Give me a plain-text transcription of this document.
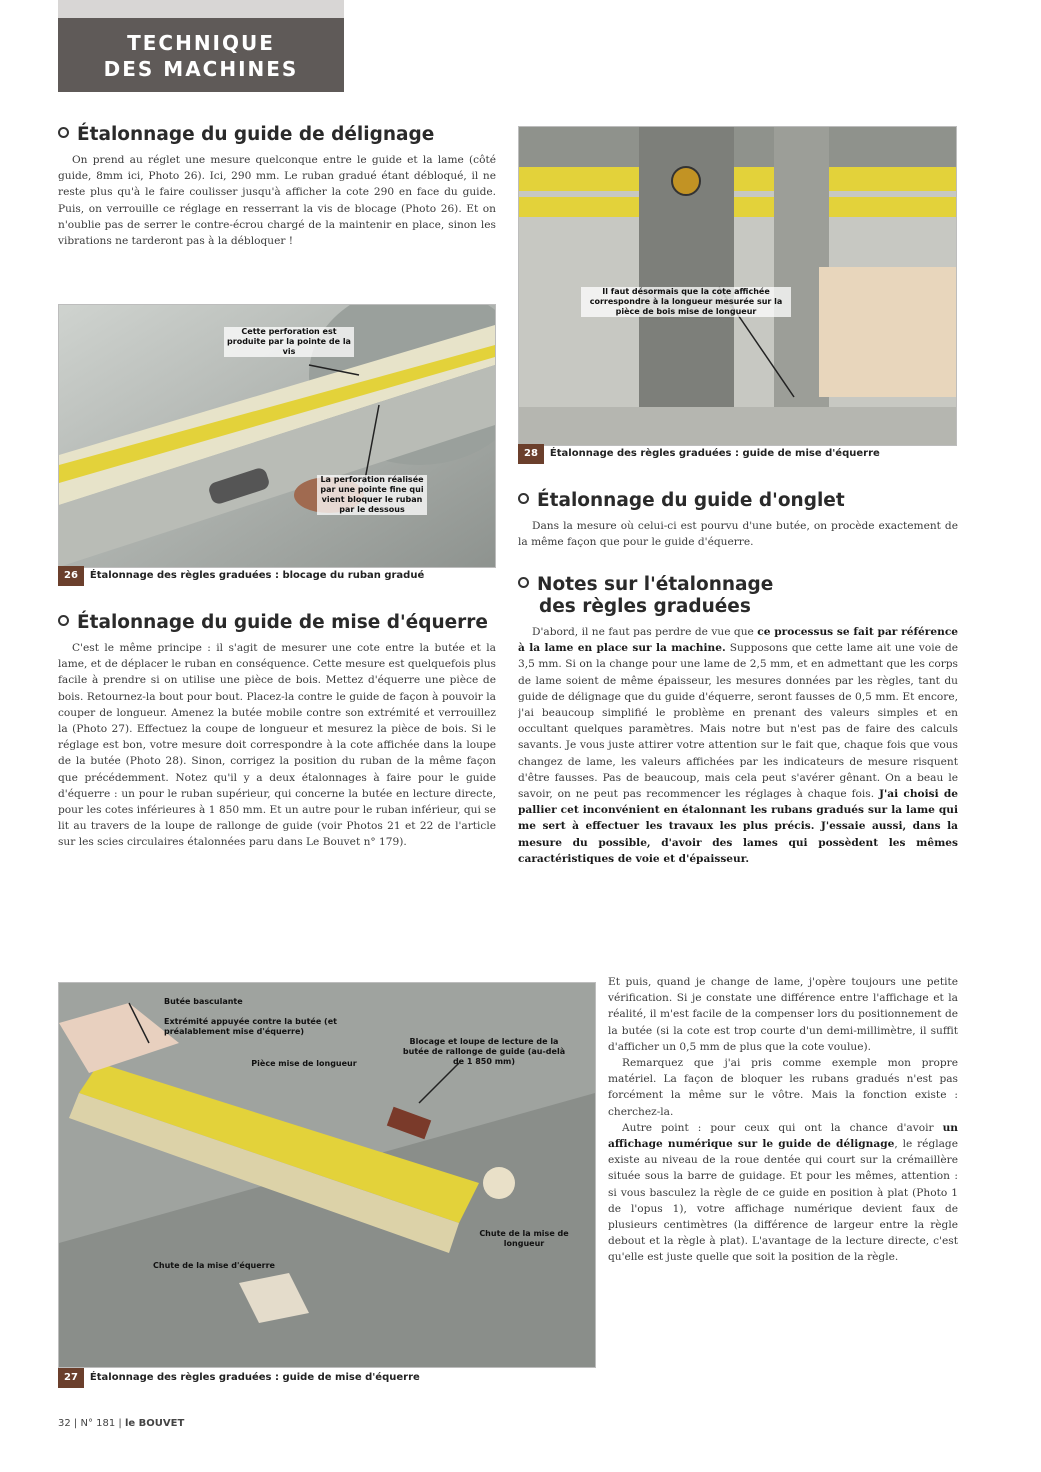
TECHNIQUE
DES MACHINES
Étalonnage du guide de délignage

On prend au réglet une mesure quelconque entre le guide et la lame (côté guide, 8mm ici, Photo 26). Ici, 290 mm. Le ruban gradué étant débloqué, il ne reste plus qu'à le faire coulisser jusqu'à afficher la cote 290 en face du guide. Puis, on verrouille ce réglage en resserrant la vis de blocage (Photo 26). Et on n'oublie pas de serrer le contre-écrou chargé de la maintenir en place, sinon les vibrations ne tarderont pas à la débloquer !

Cette perforation est produite par la pointe de la vis
La perforation réalisée par une pointe fine qui vient bloquer le ruban par le dessous
26 Étalonnage des règles graduées : blocage du ruban gradué
Étalonnage du guide de mise d'équerre

C'est le même principe : il s'agit de mesurer une cote entre la butée et la lame, et de déplacer le ruban en conséquence. Cette mesure est quelquefois plus facile à prendre si on utilise une pièce de bois. Mettez d'équerre une pièce de bois. Retournez-la bout pour bout. Placez-la contre le guide de façon à pouvoir la couper de longueur. Amenez la butée mobile contre son extrémité et verrouillez la (Photo 27). Effectuez la coupe de longueur et mesurez la pièce de bois. Si le réglage est bon, votre mesure doit correspondre à la cote affichée dans la loupe de la butée (Photo 28). Sinon, corrigez la position du ruban de la même façon que précédemment. Notez qu'il y a deux étalonnages à faire pour le guide d'équerre : un pour le ruban supérieur, qui concerne la butée en lecture directe, pour les cotes inférieures à 1 850 mm. Et un autre pour le ruban inférieur, qui se lit au travers de la loupe de rallonge de guide (voir Photos 21 et 22 de l'article sur les scies circulaires étalonnées paru dans Le Bouvet n° 179).

Il faut désormais que la cote affichée correspondre à la longueur mesurée sur la pièce de bois mise de longueur
28 Étalonnage des règles graduées : guide de mise d'équerre
Étalonnage du guide d'onglet

Dans la mesure où celui-ci est pourvu d'une butée, on procède exactement de la même façon que pour le guide d'équerre.

Notes sur l'étalonnage
des règles graduées

D'abord, il ne faut pas perdre de vue que ce processus se fait par référence à la lame en place sur la machine. Supposons que cette lame ait une voie de 3,5 mm. Si on la change pour une lame de 2,5 mm, et en admettant que les corps de lame soient de même épaisseur, les mesures données par les règles, tant du guide de délignage que du guide d'équerre, seront fausses de 0,5 mm. Et encore, j'ai beaucoup simplifié le problème en prenant des valeurs simples et en occultant quelques paramètres. Mais notre but n'est pas de faire des calculs savants. Je vous juste attirer votre attention sur le fait que, chaque fois que vous changez de lame, les valeurs affichées par les indicateurs de mesure risquent d'être fausses. Pas de beaucoup, mais cela peut s'avérer gênant. On a beau le savoir, on ne peut pas recommencer les réglages à chaque fois. J'ai choisi de pallier cet inconvénient en étalonnant les rubans gradués sur la lame qui me sert à effectuer les travaux les plus précis. J'essaie aussi, dans la mesure du possible, d'avoir des lames qui possèdent les mêmes caractéristiques de voie et d'épaisseur.

Et puis, quand je change de lame, j'opère toujours une petite vérification. Si je constate une différence entre l'affichage et la réalité, il m'est facile de la compenser lors du positionnement de la butée (si la cote est trop courte d'un demi-millimètre, il suffit d'afficher un 0,5 mm de plus que la cote voulue).

Remarquez que j'ai pris comme exemple mon propre matériel. La façon de bloquer les rubans gradués n'est pas forcément la même sur le vôtre. Mais la fonction existe : cherchez-la.

Autre point : pour ceux qui ont la chance d'avoir un affichage numérique sur le guide de délignage, le réglage existe au niveau de la roue dentée qui court sur la crémaillère située sous la barre de guidage. Et pour les mêmes, attention : si vous basculez la règle de ce guide en position à plat (Photo 1 de l'opus 1), votre affichage numérique devient faux de plusieurs centimètres (la différence de largeur entre la règle debout et la règle à plat). L'avantage de la lecture directe, c'est qu'elle est juste quelle que soit la position de la règle.

Butée basculante
Extrémité appuyée contre la butée (et préalablement mise d'équerre)
Pièce mise de longueur
Blocage et loupe de lecture de la butée de rallonge de guide (au-delà de 1 850 mm)
Chute de la mise de longueur
Chute de la mise d'équerre
27 Étalonnage des règles graduées : guide de mise d'équerre
32 | N° 181 | le BOUVET
